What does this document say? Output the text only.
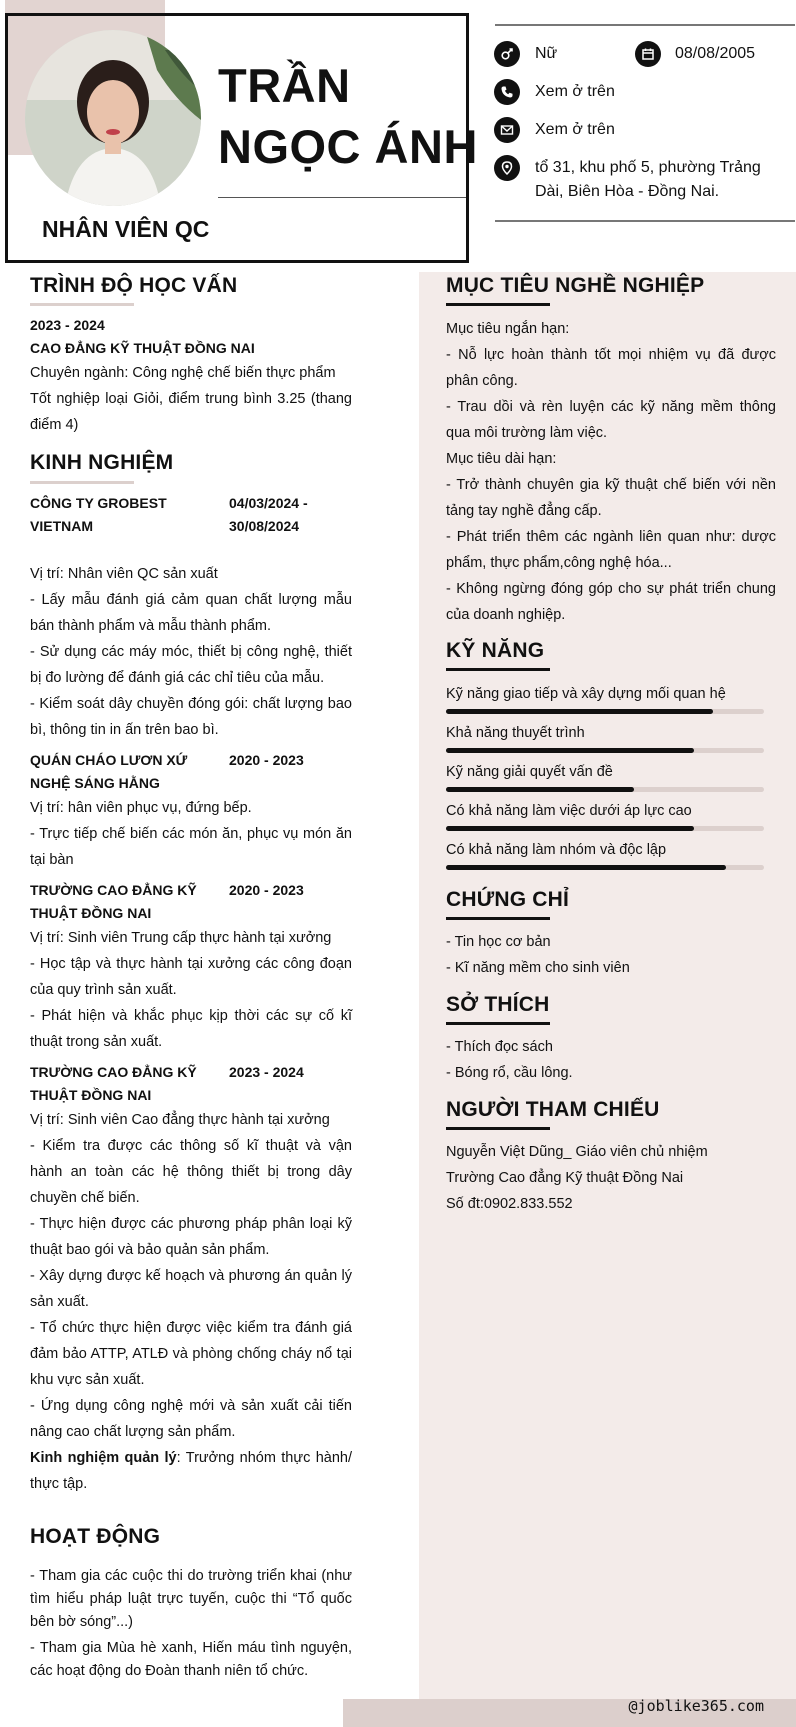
TRẦN
NGỌC ÁNH
NHÂN VIÊN QC
Nữ	08/08/2005
Xem ở trên
Xem ở trên
tổ 31, khu phố 5, phường Trảng
Dài, Biên Hòa - Đồng Nai.
TRÌNH ĐỘ HỌC VẤN
2023 - 2024
CAO ĐẲNG KỸ THUẬT ĐỒNG NAI
Chuyên ngành: Công nghệ chế biến thực phẩm
Tốt nghiệp loại Giỏi, điểm trung bình 3.25 (thang điểm 4)
KINH NGHIỆM
CÔNG TY GROBEST VIETNAM
04/03/2024 - 30/08/2024
Vị trí: Nhân viên QC sản xuất
- Lấy mẫu đánh giá cảm quan chất lượng mẫu bán thành phẩm và mẫu thành phẩm.
- Sử dụng các máy móc, thiết bị công nghệ, thiết bị đo lường để đánh giá các chỉ tiêu của mẫu.
- Kiểm soát dây chuyền đóng gói: chất lượng bao bì, thông tin in ấn trên bao bì.
QUÁN CHÁO LƯƠN XỨ NGHỆ SÁNG HẰNG
2020 - 2023
Vị trí: hân viên phục vụ, đứng bếp.
- Trực tiếp chế biến các món ăn, phục vụ món ăn tại bàn
TRƯỜNG CAO ĐẲNG KỸ THUẬT ĐỒNG NAI
2020 - 2023
Vị trí: Sinh viên Trung cấp thực hành tại xưởng
- Học tập và thực hành tại xưởng các công đoạn của quy trình sản xuất.
- Phát hiện và khắc phục kịp thời các sự cố kĩ thuật trong sản xuất.
TRƯỜNG CAO ĐẲNG KỸ THUẬT ĐỒNG NAI
2023 - 2024
Vị trí: Sinh viên Cao đẳng thực hành tại xưởng
- Kiểm tra được các thông số kĩ thuật và vận hành an toàn các hệ thông thiết bị trong dây chuyền chế biến.
- Thực hiện được các phương pháp phân loại kỹ thuật bao gói và bảo quản sản phẩm.
- Xây dựng được kế hoạch và phương án quản lý sản xuất.
- Tổ chức thực hiện được việc kiểm tra đánh giá đảm bảo ATTP, ATLĐ và phòng chống cháy nổ tại khu vực sản xuất.
- Ứng dụng công nghệ mới và sản xuất cải tiến nâng cao chất lượng sản phẩm.
Kinh nghiệm quản lý: Trưởng nhóm thực hành/ thực tập.
HOẠT ĐỘNG
- Tham gia các cuộc thi do trường triển khai (như tìm hiểu pháp luật trực tuyến, cuộc thi “Tổ quốc bên bờ sóng”...)
- Tham gia Mùa hè xanh, Hiến máu tình nguyện, các hoạt động do Đoàn thanh niên tổ chức.
MỤC TIÊU NGHỀ NGHIỆP
Mục tiêu ngắn hạn:
- Nỗ lực hoàn thành tốt mọi nhiệm vụ đã được phân công.
- Trau dồi và rèn luyện các kỹ năng mềm thông qua môi trường làm việc.
Mục tiêu dài hạn:
- Trở thành chuyên gia kỹ thuật chế biến với nền tảng tay nghề đẳng cấp.
- Phát triển thêm các ngành liên quan như: dược phẩm, thực phẩm,công nghệ hóa...
- Không ngừng đóng góp cho sự phát triển chung của doanh nghiệp.
KỸ NĂNG
Kỹ năng giao tiếp và xây dựng mối quan hệ
Khả năng thuyết trình
Kỹ năng giải quyết vấn đề
Có khả năng làm việc dưới áp lực cao
Có khả năng làm nhóm và độc lập
CHỨNG CHỈ
- Tin học cơ bản
- Kĩ năng mềm cho sinh viên
SỞ THÍCH
- Thích đọc sách
- Bóng rổ, cầu lông.
NGƯỜI THAM CHIẾU
Nguyễn Việt Dũng_ Giáo viên chủ nhiệm
Trường Cao đẳng Kỹ thuật Đồng Nai
Số đt:0902.833.552
@joblike365.com
